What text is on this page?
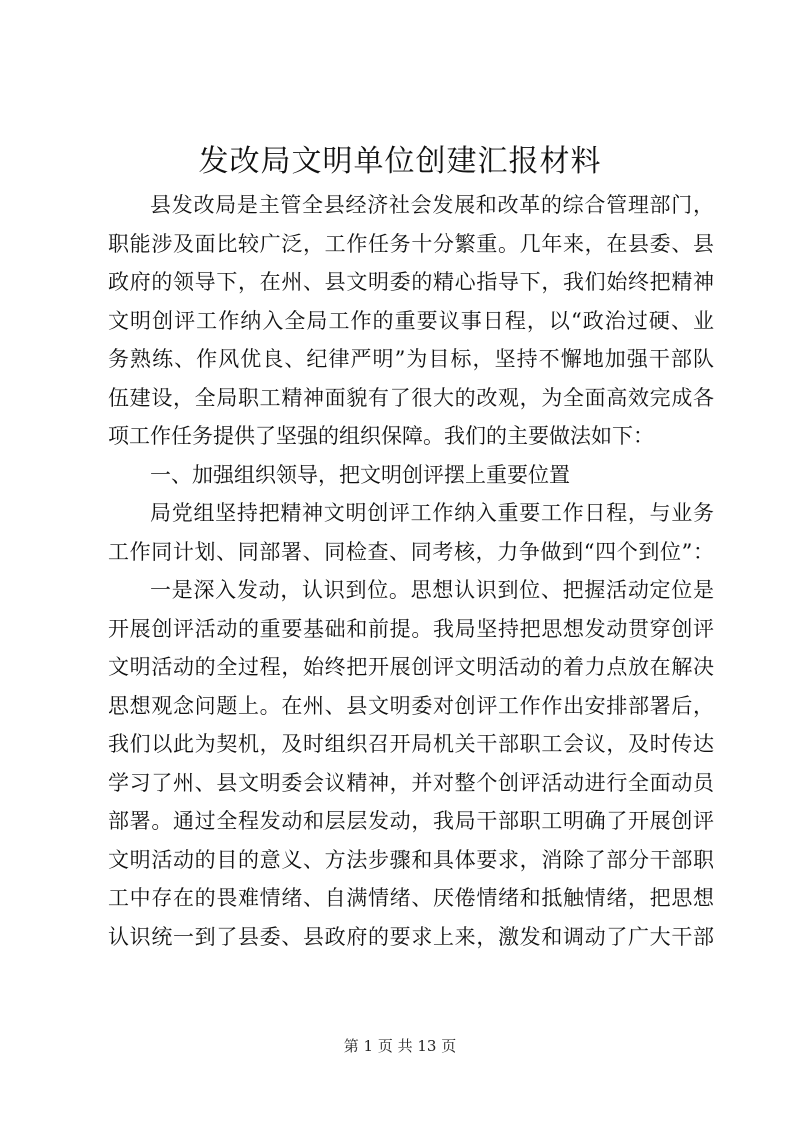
发改局文明单位创建汇报材料
县发改局是主管全县经济社会发展和改革的综合管理部门，
职能涉及面比较广泛，工作任务十分繁重。几年来，在县委、县
政府的领导下，在州、县文明委的精心指导下，我们始终把精神
文明创评工作纳入全局工作的重要议事日程，以“政治过硬、业
务熟练、作风优良、纪律严明”为目标，坚持不懈地加强干部队
伍建设，全局职工精神面貌有了很大的改观，为全面高效完成各
项工作任务提供了坚强的组织保障。我们的主要做法如下：
一、加强组织领导，把文明创评摆上重要位置
局党组坚持把精神文明创评工作纳入重要工作日程，与业务
工作同计划、同部署、同检查、同考核，力争做到“四个到位”：
一是深入发动，认识到位。思想认识到位、把握活动定位是
开展创评活动的重要基础和前提。我局坚持把思想发动贯穿创评
文明活动的全过程，始终把开展创评文明活动的着力点放在解决
思想观念问题上。在州、县文明委对创评工作作出安排部署后，
我们以此为契机，及时组织召开局机关干部职工会议，及时传达
学习了州、县文明委会议精神，并对整个创评活动进行全面动员
部署。通过全程发动和层层发动，我局干部职工明确了开展创评
文明活动的目的意义、方法步骤和具体要求，消除了部分干部职
工中存在的畏难情绪、自满情绪、厌倦情绪和抵触情绪，把思想
认识统一到了县委、县政府的要求上来，激发和调动了广大干部
第 1 页 共 13 页
